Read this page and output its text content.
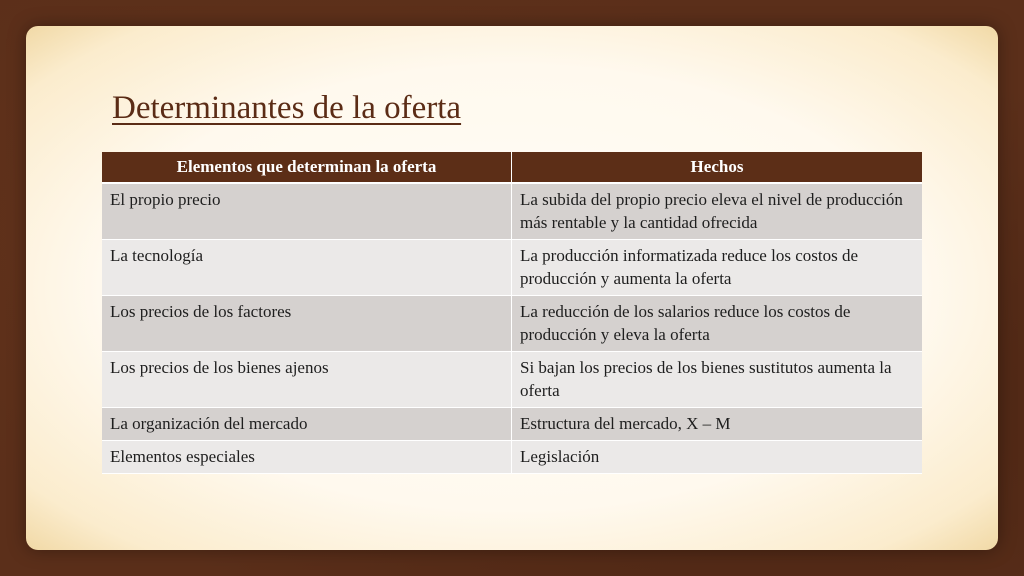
Determinantes de la oferta
Elementos que determinan la oferta	Hechos
El propio precio	La subida del propio precio eleva el nivel de producción más rentable y la cantidad ofrecida
La tecnología	La producción informatizada reduce los costos de producción y aumenta la oferta
Los precios de los factores	La reducción de los salarios reduce los costos de producción y eleva la oferta
Los precios de los bienes ajenos	Si bajan los precios de los bienes sustitutos aumenta la oferta
La organización del mercado	Estructura del mercado, X – M
Elementos especiales	Legislación
